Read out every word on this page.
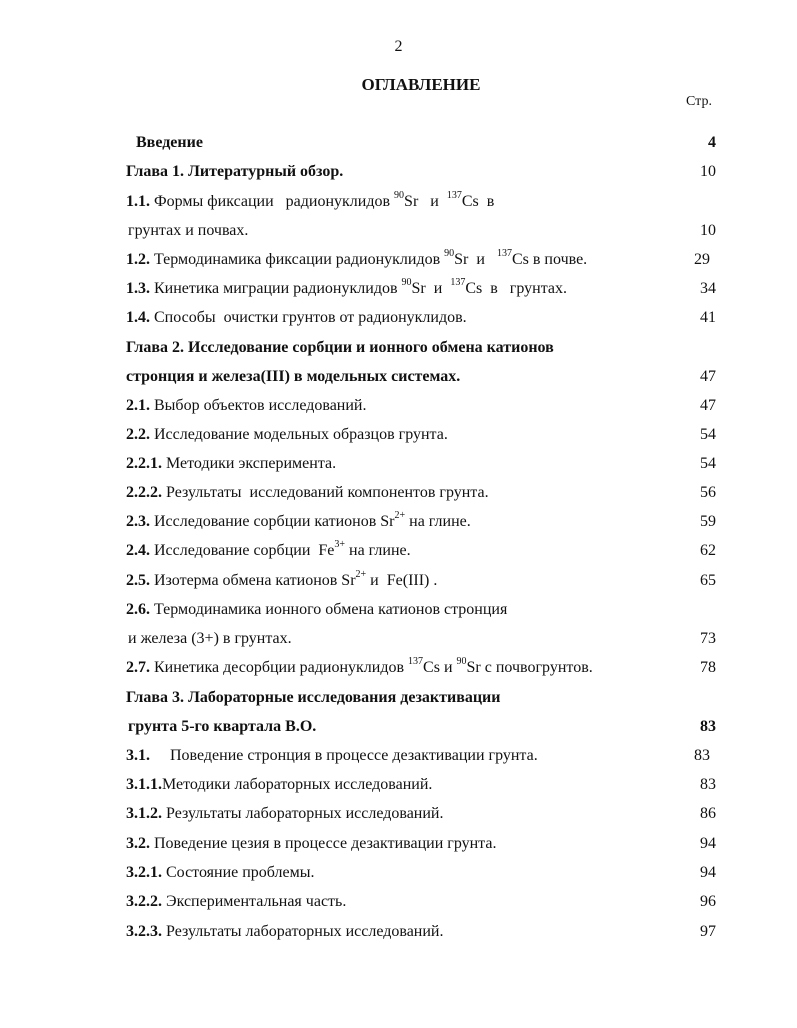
2
ОГЛАВЛЕНИЕ
Стр.
Введение	4
Глава 1. Литературный обзор.	10
1.1. Формы фиксации   радионуклидов $^{90}$Sr   и  $^{137}$Cs  в
грунтах и почвах.	10
1.2. Термодинамика фиксации радионуклидов $^{90}$Sr  и   $^{137}$Cs в почве.	29
1.3. Кинетика миграции радионуклидов $^{90}$Sr  и  $^{137}$Cs  в   грунтах.	34
1.4. Способы  очистки грунтов от радионуклидов.	41
Глава 2. Исследование сорбции и ионного обмена катионов
стронция и железа(III) в модельных системах.	47
2.1. Выбор объектов исследований.	47
2.2. Исследование модельных образцов грунта.	54
2.2.1. Методики эксперимента.	54
2.2.2. Результаты  исследований компонентов грунта.	56
2.3. Исследование сорбции катионов $Sr^{2+}$ на глине.	59
2.4. Исследование сорбции  $Fe^{3+}$ на глине.	62
2.5. Изотерма обмена катионов $Sr^{2+}$ и  Fe(III) .	65
2.6. Термодинамика ионного обмена катионов стронция
и железа (3+) в грунтах.	73
2.7. Кинетика десорбции радионуклидов $^{137}$Cs и $^{90}$Sr с почвогрунтов.	78
Глава 3. Лабораторные исследования дезактивации
грунта 5-го квартала В.О.	83
3.1.     Поведение стронция в процессе дезактивации грунта.	83
3.1.1.Методики лабораторных исследований.	83
3.1.2. Результаты лабораторных исследований.	86
3.2. Поведение цезия в процессе дезактивации грунта.	94
3.2.1. Состояние проблемы.	94
3.2.2. Экспериментальная часть.	96
3.2.3. Результаты лабораторных исследований.	97
